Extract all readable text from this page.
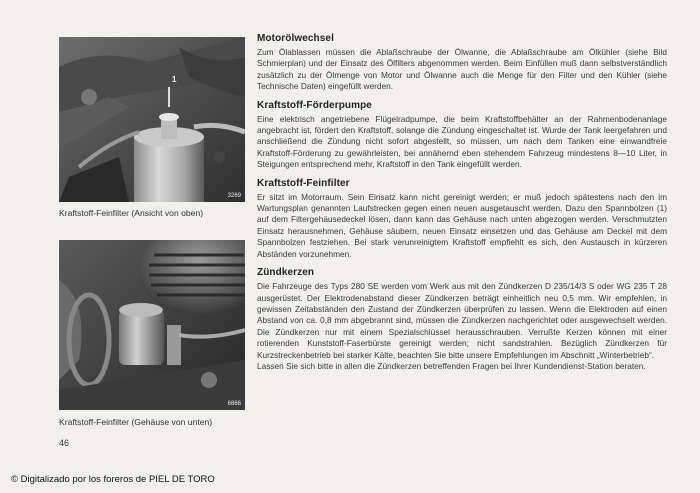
1
3269
Kraftstoff-Feinfilter (Ansicht von oben)
6866
Kraftstoff-Feinfilter (Gehäuse von unten)
Motorölwechsel

Zum Ölablassen müssen die Ablaßschraube der Ölwanne, die Ablaßschraube am Ölkühler (siehe Bild Schmierplan) und der Einsatz des Ölfilters abgenommen werden. Beim Einfüllen muß dann selbstverständlich zusätzlich zu der Ölmenge von Motor und Ölwanne auch die Menge für den Filter und den Kühler (siehe Technische Daten) eingefüllt werden.

Kraftstoff-Förderpumpe

Eine elektrisch angetriebene Flügelradpumpe, die beim Kraftstoffbehälter an der Rahmenbodenanlage angebracht ist, fördert den Kraftstoff, solange die Zündung eingeschaltet ist. Wurde der Tank leergefahren und anschließend die Zündung nicht sofort abgestellt, so müssen, um nach dem Tanken eine einwandfreie Kraftstoff-Förderung zu gewährleisten, bei annähernd eben stehendem Fahrzeug mindestens 8—10 Liter, in Steigungen entsprechend mehr, Kraftstoff in den Tank eingefüllt werden.

Kraftstoff-Feinfilter

Er sitzt im Motorraum. Sein Einsatz kann nicht gereinigt werden; er muß jedoch spätestens nach den im Wartungsplan genannten Laufstrecken gegen einen neuen ausgetauscht werden. Dazu den Spannbolzen (1) auf dem Filtergehäusedeckel lösen, dann kann das Gehäuse nach unten abgezogen werden. Verschmutzten Einsatz herausnehmen, Gehäuse säubern, neuen Einsatz einsetzen und das Gehäuse am Deckel mit dem Spannbolzen festziehen. Bei stark verunreinigtem Kraftstoff empfiehlt es sich, den Austausch in kürzeren Abständen vorzunehmen.

Zündkerzen

Die Fahrzeuge des Typs 280 SE werden vom Werk aus mit den Zündkerzen D 235/14/3 S oder WG 235 T 28 ausgerüstet. Der Elektrodenabstand dieser Zündkerzen beträgt einheitlich neu 0,5 mm. Wir empfehlen, in gewissen Zeitabständen den Zustand der Zündkerzen überprüfen zu lassen. Wenn die Elektroden auf einen Abstand von ca. 0,8 mm abgebrannt sind, müssen die Zündkerzen nachgerichtet oder ausgewechselt werden. Die Zündkerzen nur mit einem Spezialschlüssel herausschrauben. Verrußte Kerzen können mit einer rotierenden Kunststoff-Faserbürste gereinigt werden; nicht sandstrahlen. Bezüglich Zündkerzen für Kurzstreckenbetrieb bei starker Kälte, beachten Sie bitte unsere Empfehlungen im Abschnitt „Winterbetrieb“.

Lassen Sie sich bitte in allen die Zündkerzen betreffenden Fragen bei Ihrer Kundendienst-Station beraten.

46
© Digitalizado por los foreros de PIEL DE TORO
